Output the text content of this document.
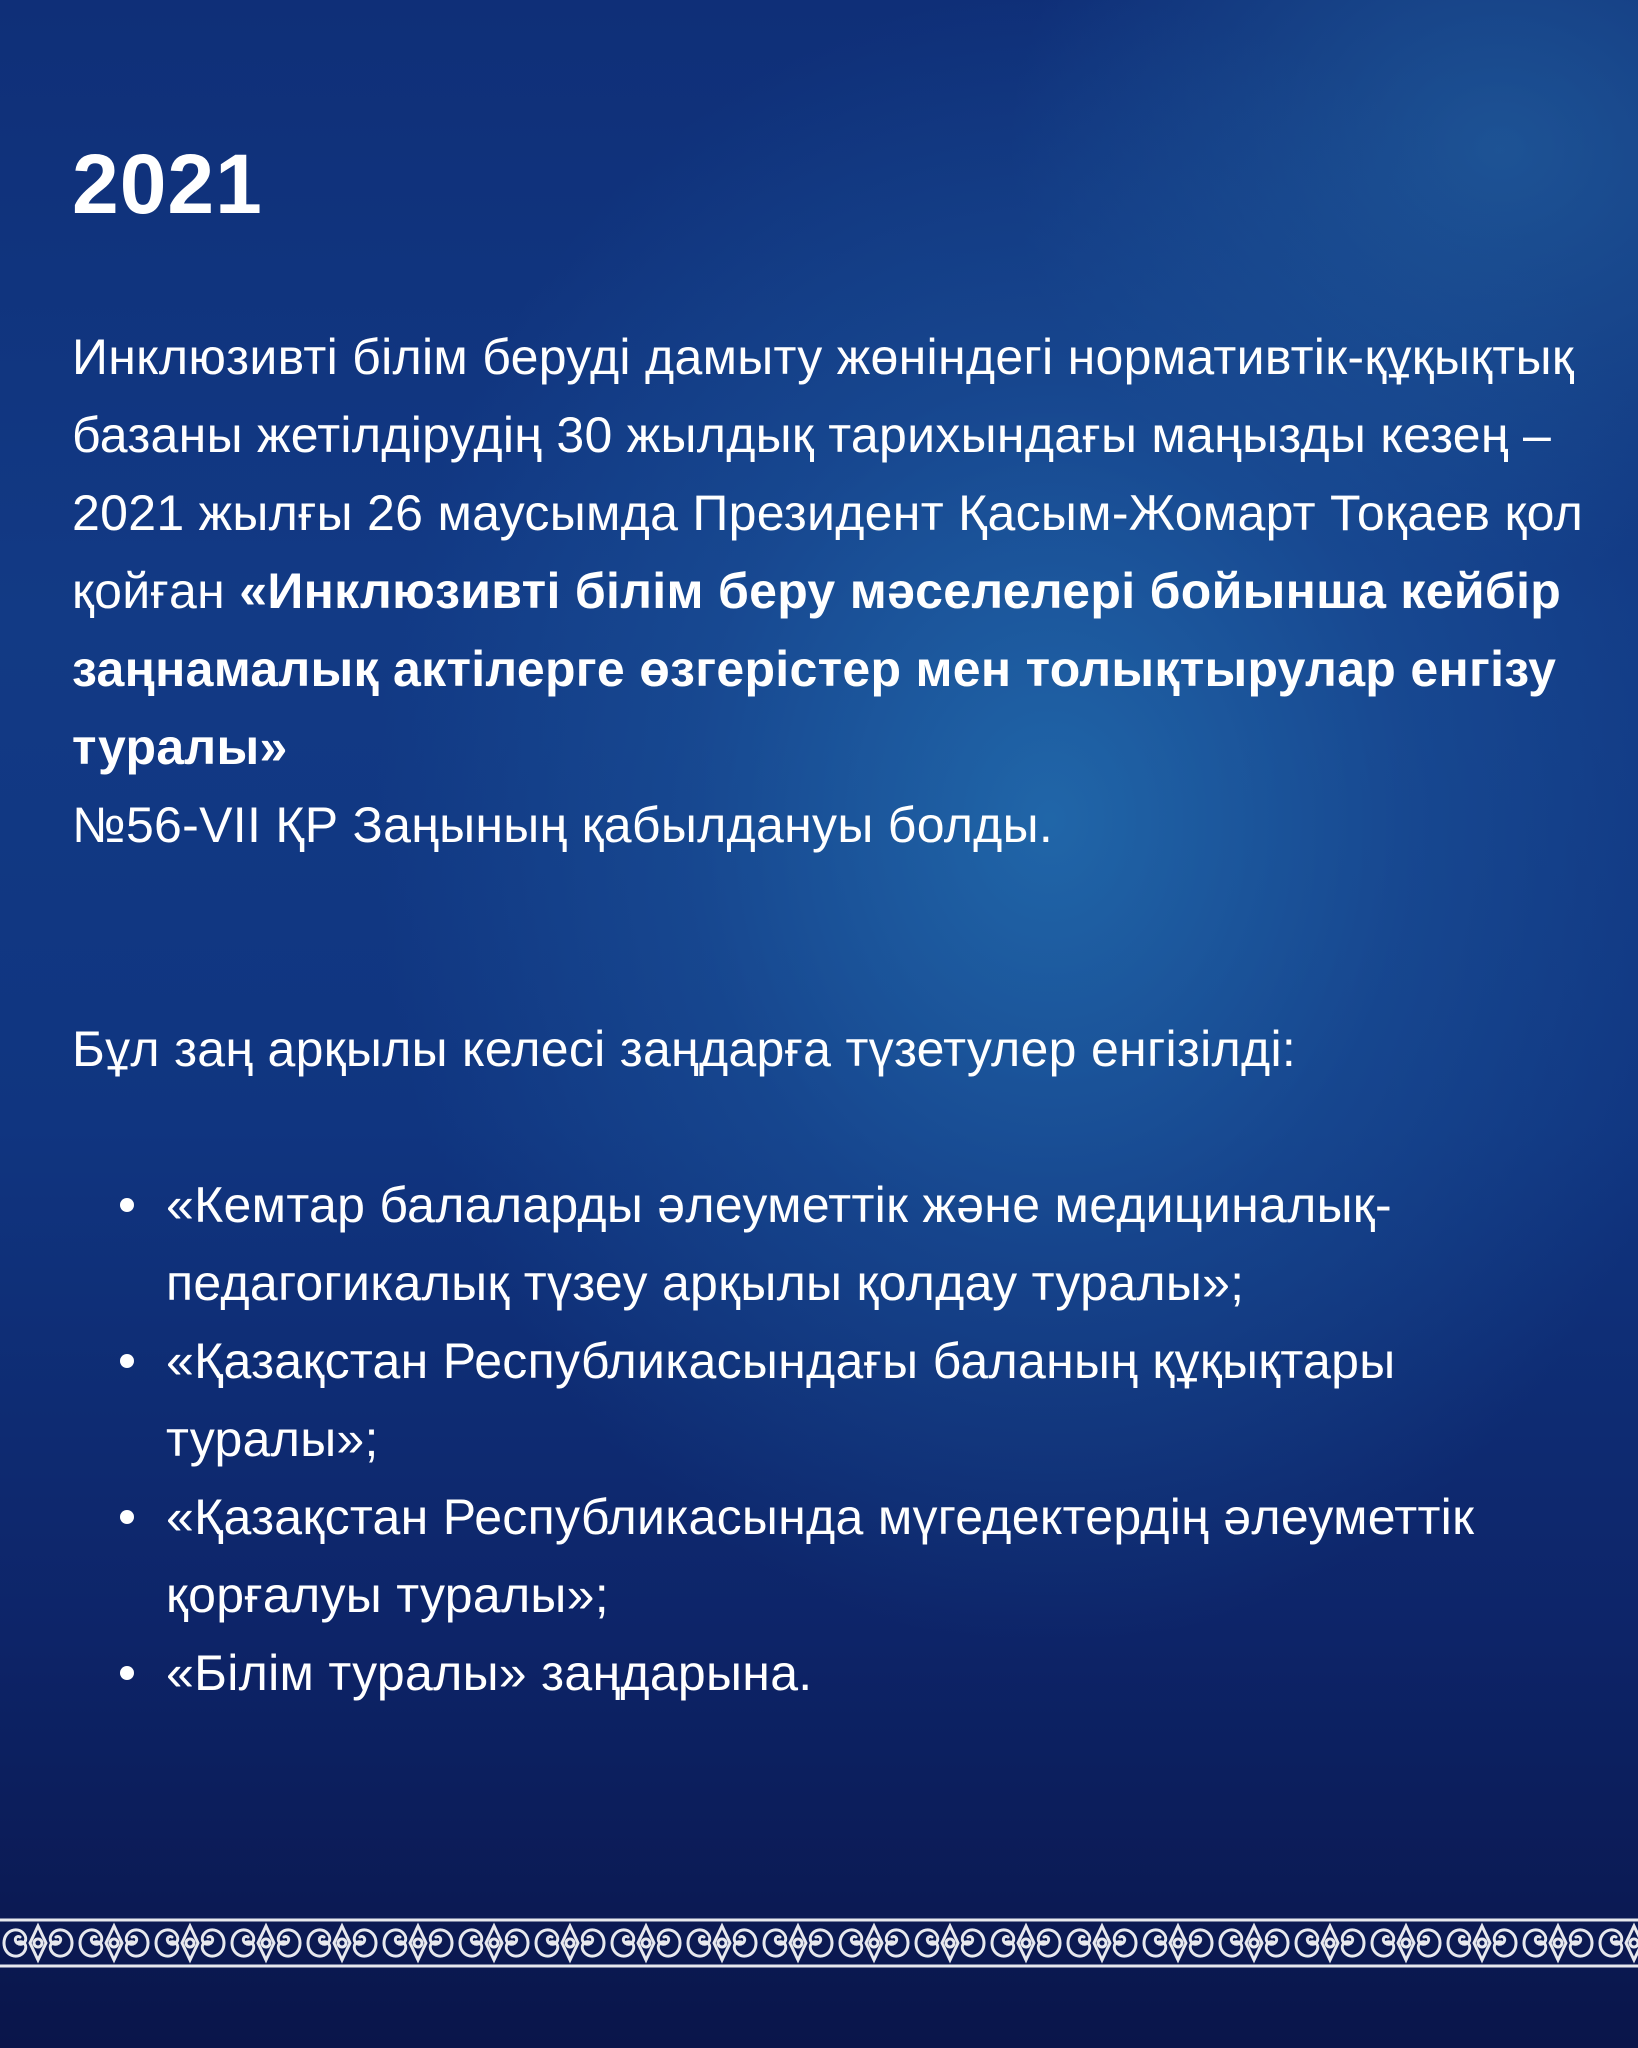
2021

Инклюзивті білім беруді дамыту жөніндегі нормативтік-құқықтық базаны жетілдірудің 30 жылдық тарихындағы маңызды кезең – 2021 жылғы 26 маусымда Президент Қасым-Жомарт Тоқаев қол қойған «Инклюзивті білім беру мәселелері бойынша кейбір заңнамалық актілерге өзгерістер мен толықтырулар енгізу туралы»
№56-VII ҚР Заңының қабылдануы болды.

Бұл заң арқылы келесі заңдарға түзетулер енгізілді:

«Кемтар балаларды әлеуметтік және медициналық-педагогикалық түзеу арқылы қолдау туралы»;
«Қазақстан Республикасындағы баланың құқықтары туралы»;
«Қазақстан Республикасында мүгедектердің әлеуметтік қорғалуы туралы»;
«Білім туралы» заңдарына.
